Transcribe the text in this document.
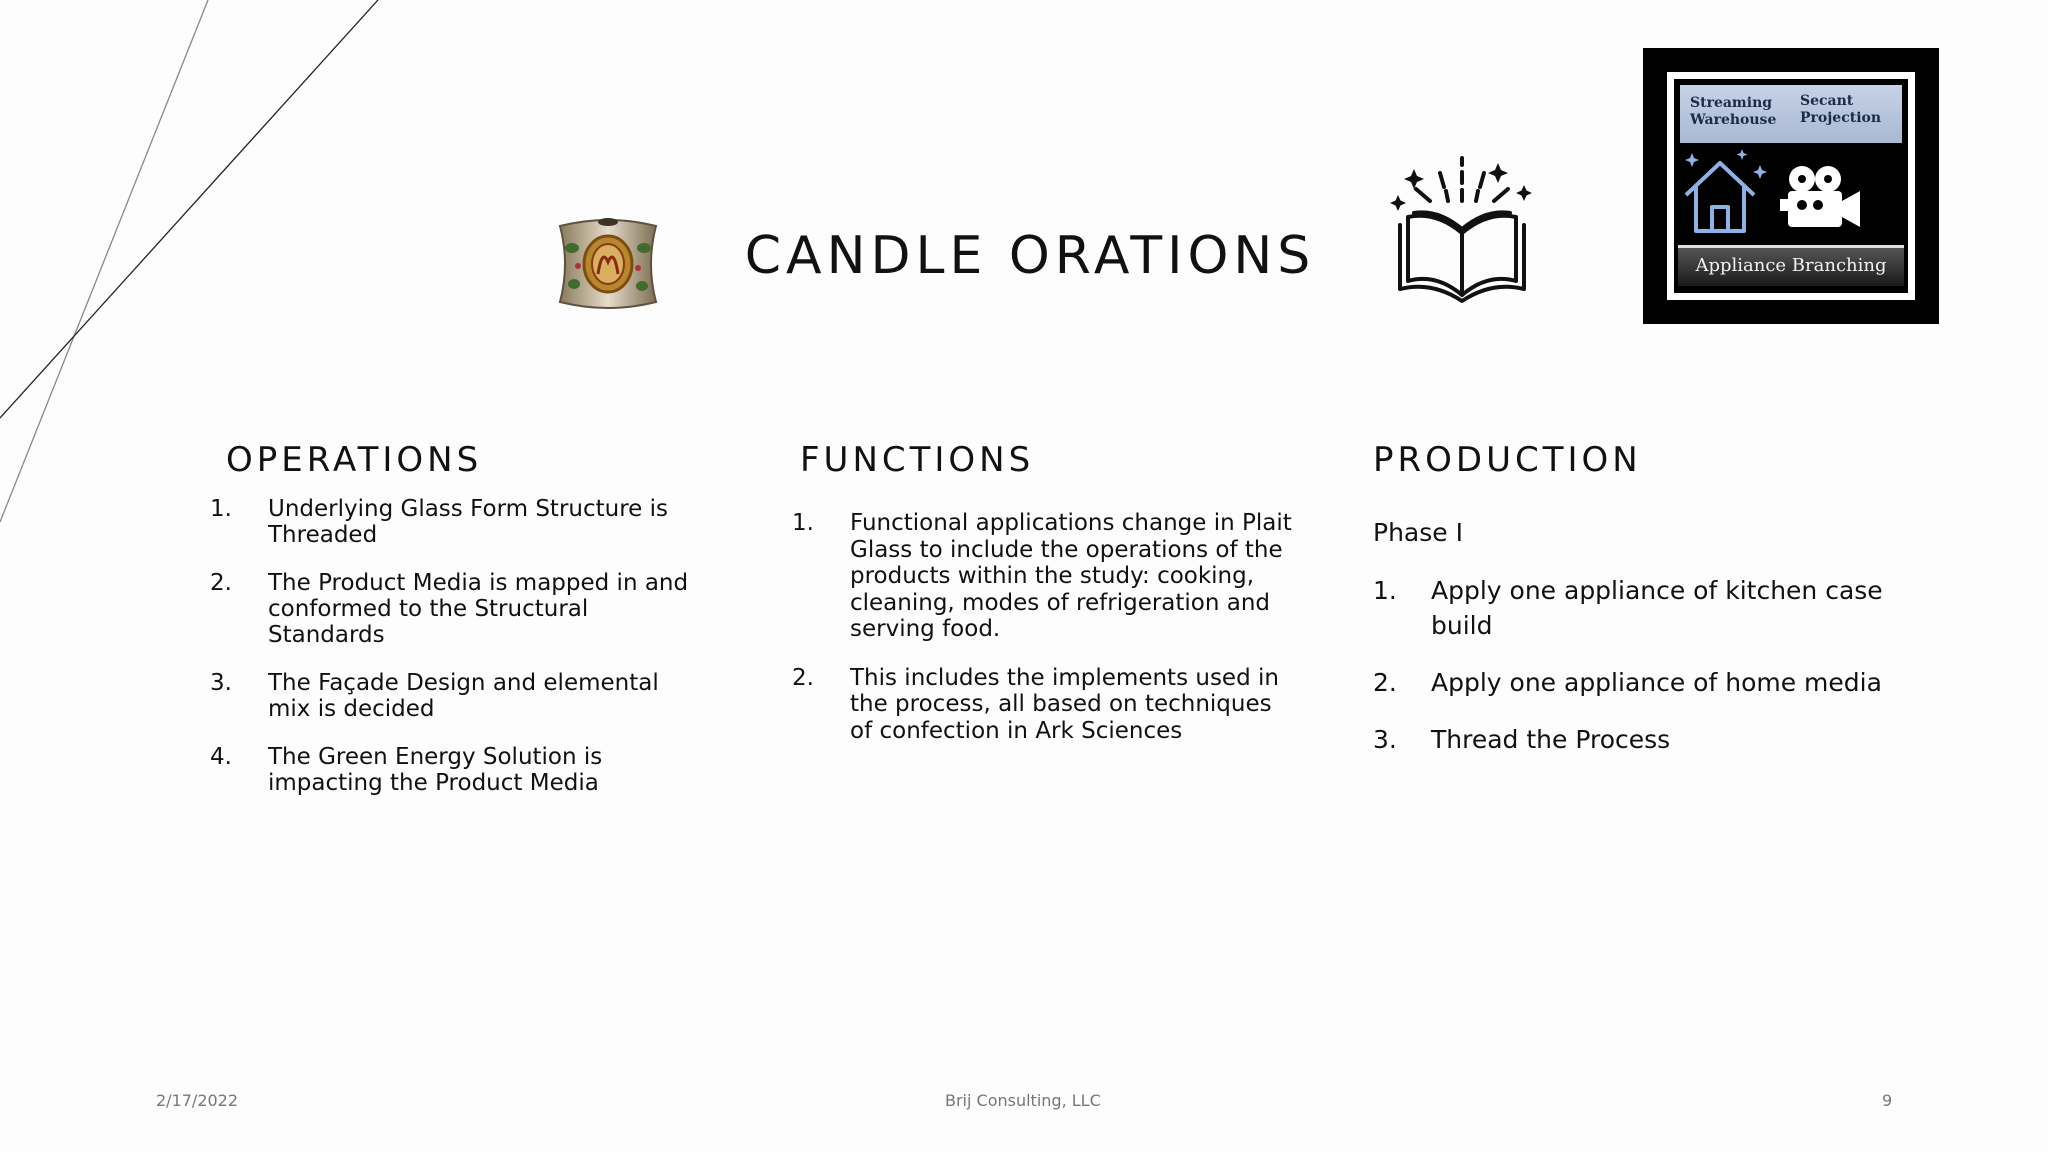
CANDLE ORATIONS
Streaming Warehouse
Secant Projection
Appliance Branching
OPERATIONS
1. Underlying Glass Form Structure is Threaded
2. The Product Media is mapped in and conformed to the Structural Standards
3. The Façade Design and elemental mix is decided
4. The Green Energy Solution is impacting the Product Media
FUNCTIONS
1. Functional applications change in Plait Glass to include the operations of the products within the study: cooking, cleaning, modes of refrigeration and serving food.
2. This includes the implements used in the process, all based on techniques of confection in Ark Sciences
PRODUCTION
Phase I
1. Apply one appliance of kitchen case build
2. Apply one appliance of home media
3. Thread the Process
2/17/2022	Brij Consulting, LLC	9
